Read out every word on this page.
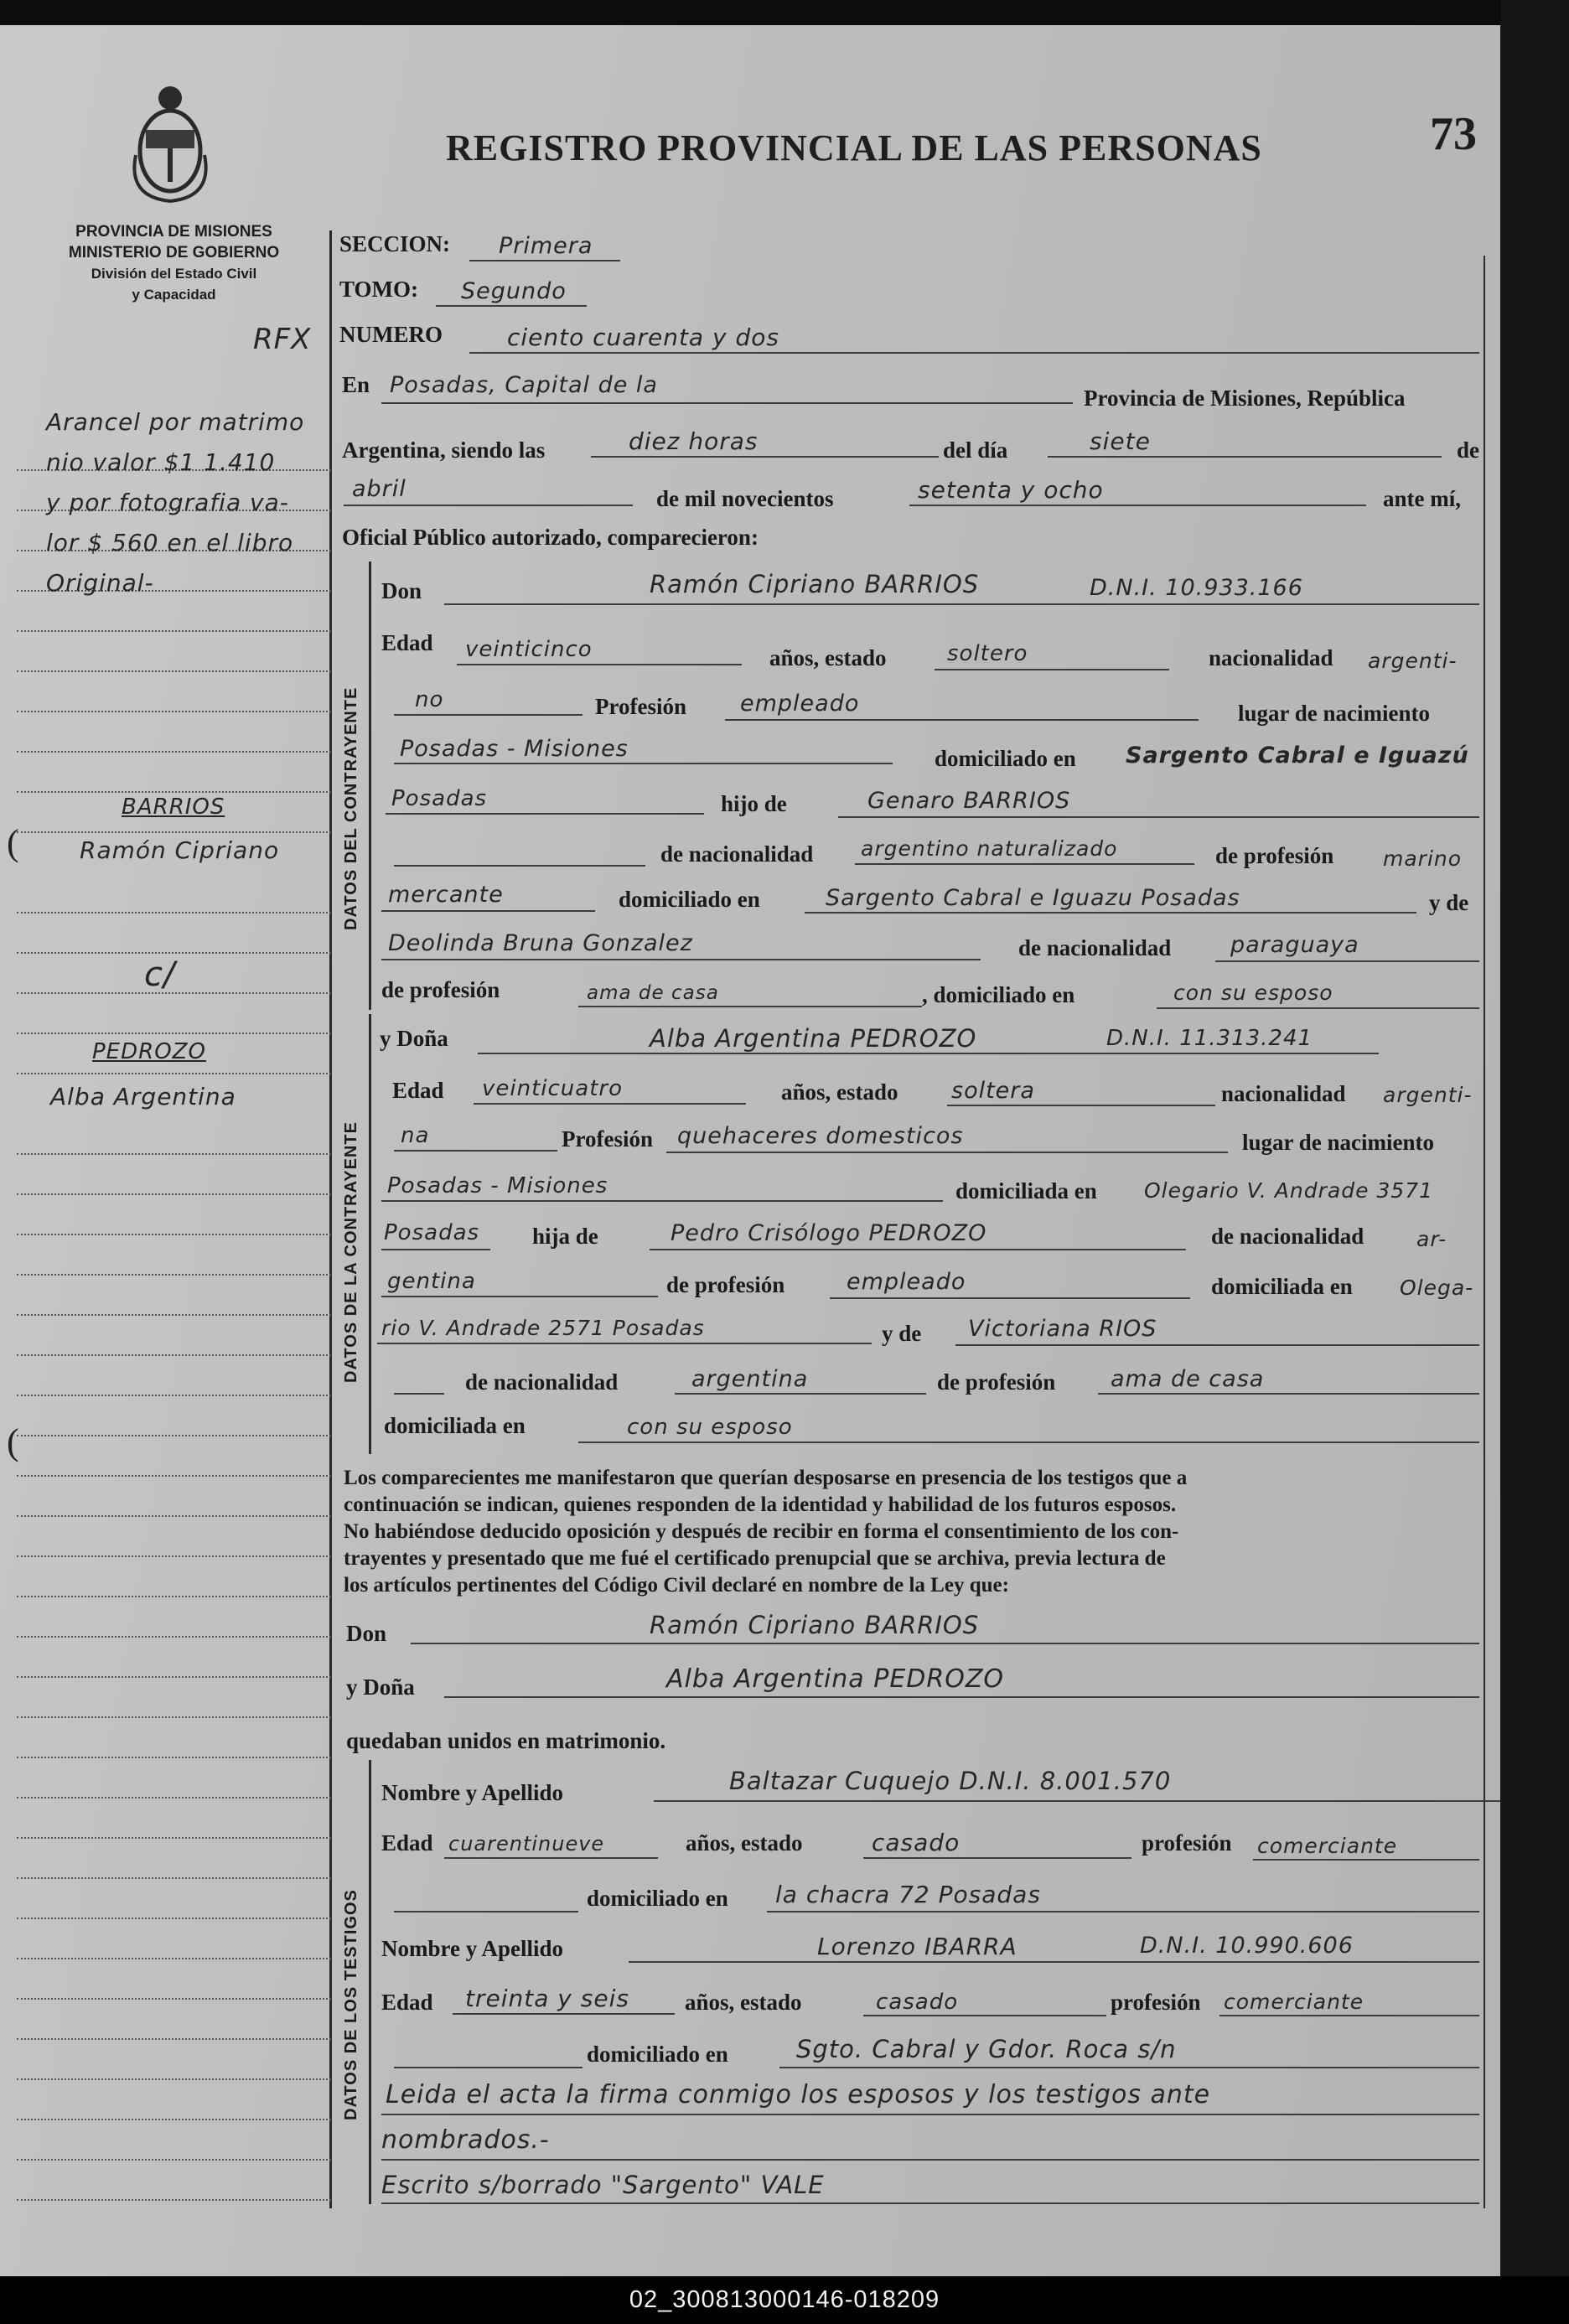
73
REGISTRO PROVINCIAL DE LAS PERSONAS
PROVINCIA DE MISIONES
MINISTERIO DE GOBIERNO
División del Estado Civil
y Capacidad
RFX
Arancel por matrimo
nio valor $1 1.410
y por fotografia va-
lor $ 560 en el libro
Original-
BARRIOS
Ramón Cipriano
c/
PEDROZO
Alba Argentina
(
(
SECCION: Primera
TOMO: Segundo
NUMERO	ciento cuarenta y dos
En Posadas, Capital de la	Provincia de Misiones, República
Argentina, siendo las	diez horas	del día	siete	de
abril	de mil novecientos	setenta y ocho	ante mí,
Oficial Público autorizado, comparecieron:
DATOS DEL CONTRAYENTE
Don	Ramón Cipriano BARRIOS	D.N.I. 10.933.166
Edad veinticinco	años, estado	soltero	nacionalidad argenti-
no	Profesión empleado	lugar de nacimiento
Posadas - Misiones	domiciliado en Sargento Cabral e Iguazú
Posadas	hijo de	Genaro BARRIOS
de nacionalidad argentino naturalizado	de profesión marino
mercante	domiciliado en	Sargento Cabral e Iguazu Posadas	y de
Deolinda Bruna Gonzalez	de nacionalidad	paraguaya
de profesión	ama de casa	, domiciliado en	con su esposo
DATOS DE LA CONTRAYENTE
y Doña	Alba Argentina PEDROZO	D.N.I. 11.313.241
Edad veinticuatro	años, estado soltera	nacionalidad argenti-
na	Profesión quehaceres domesticos	lugar de nacimiento
Posadas - Misiones	domiciliada en Olegario V. Andrade 3571
Posadas hija de	Pedro Crisólogo PEDROZO	de nacionalidad	ar-
gentina	de profesión	empleado	domiciliada en Olega-
rio V. Andrade 2571 Posadas	y de Victoriana RIOS
de nacionalidad	argentina	de profesión ama de casa
domiciliada en	con su esposo
Los comparecientes me manifestaron que querían desposarse en presencia de los testigos que a
continuación se indican, quienes responden de la identidad y habilidad de los futuros esposos.
No habiéndose deducido oposición y después de recibir en forma el consentimiento de los con-
trayentes y presentado que me fué el certificado prenupcial que se archiva, previa lectura de
los artículos pertinentes del Código Civil declaré en nombre de la Ley que:
Don	Ramón Cipriano BARRIOS
y Doña	Alba Argentina PEDROZO
quedaban unidos en matrimonio.
DATOS DE LOS TESTIGOS
Nombre y Apellido	Baltazar Cuquejo D.N.I. 8.001.570
Edad cuarentinueve	años, estado	casado	profesión comerciante
domiciliado en la chacra 72 Posadas
Nombre y Apellido	Lorenzo IBARRA	D.N.I. 10.990.606
Edad treinta y seis años, estado	casado	profesión comerciante
domiciliado en	Sgto. Cabral y Gdor. Roca s/n
Leida el acta la firma conmigo los esposos y los testigos ante
nombrados.-
Escrito s/borrado "Sargento" VALE
02_300813000146-018209
